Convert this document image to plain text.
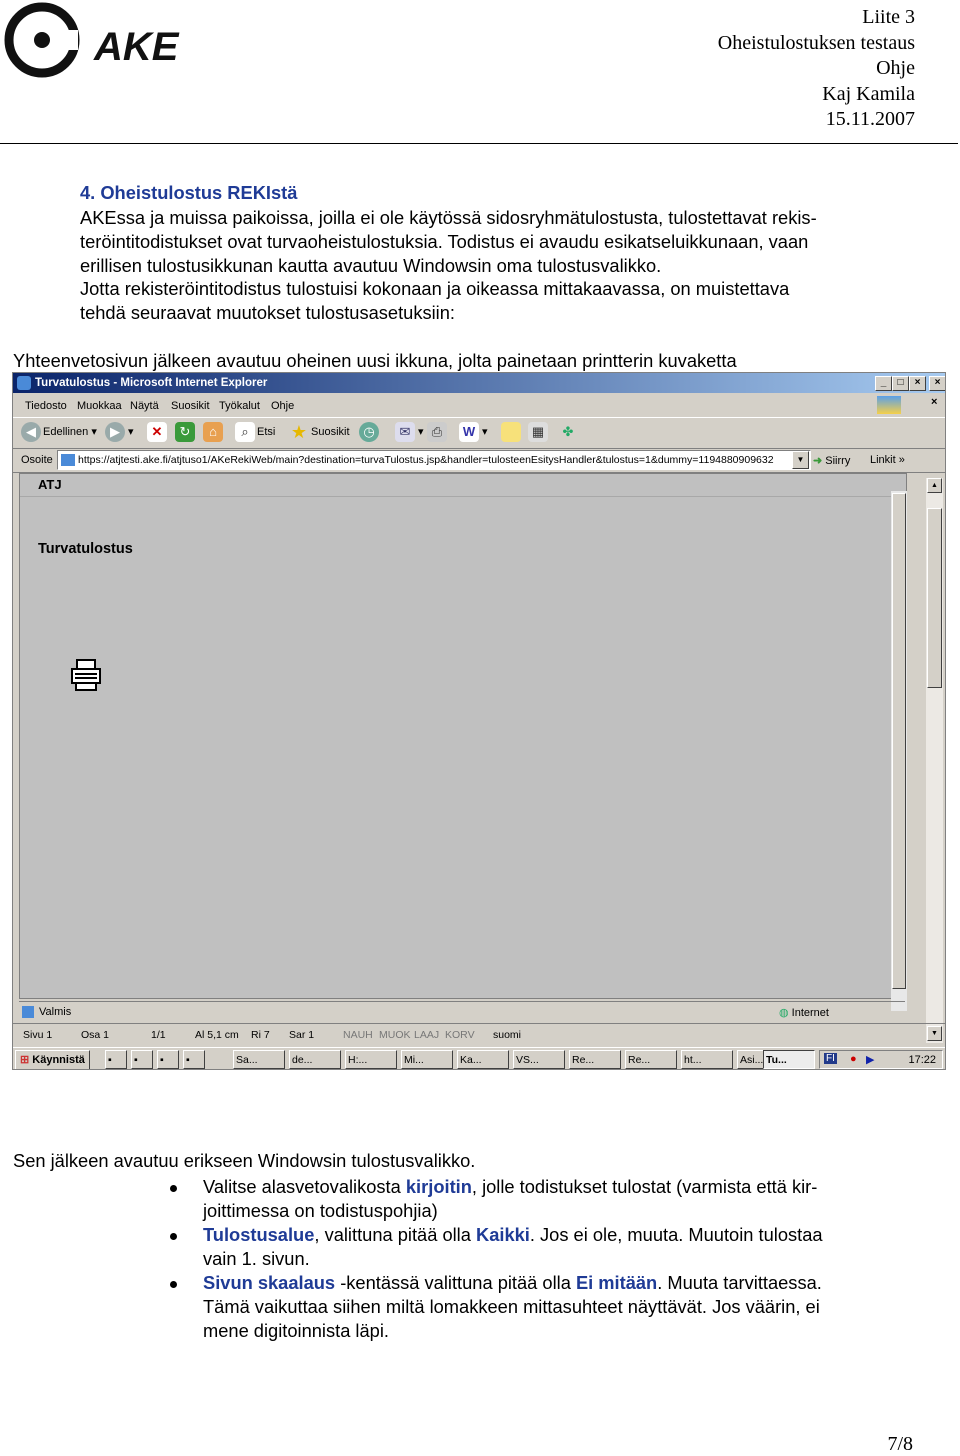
AKE
Liite 3
Oheistulostuksen testaus
Ohje
Kaj Kamila
15.11.2007
4. Oheistulostus REKIstä
AKEssa ja muissa paikoissa, joilla ei ole käytössä sidosryhmätulostusta, tulostettavat rekis-
teröintitodistukset ovat turvaoheistulostuksia. Todistus ei avaudu esikatseluikkunaan, vaan
erillisen tulostusikkunan kautta avautuu Windowsin oma tulostusvalikko.
Jotta rekisteröintitodistus tulostuisi kokonaan ja oikeassa mittakaavassa, on muistettava
tehdä seuraavat muutokset tulostusasetuksiin:
Yhteenvetosivun jälkeen avautuu oheinen uusi ikkuna, jolta painetaan printterin kuvaketta
Turvatulostus - Microsoft Internet Explorer	_	□	×	×
Tiedosto Muokkaa Näytä Suosikit Työkalut Ohje	×
◀ Edellinen ▾	▶ ▾	✕	↻	⌂	⌕ Etsi ★ Suosikit	◷	✉ ▾ ⎙	W ▾	▦	✤
Osoite	https://atjtesti.ake.fi/atjtuso1/AKeRekiWeb/main?destination=turvaTulostus.jsp&handler=tulosteenEsitysHandler&tulostus=1&dummy=1194880909632	▼ ➜ Siirry Linkit »
ATJ
Turvatulostus
▲
▼
Valmis	◍ Internet
Sivu 1	Osa 1	1/1	Al 5,1 cm Ri 7 Sar 1	NAUH MUOK LAAJ KORV suomi
⊞ Käynnistä	▪	▪	▪	▪	Sa...	de...	H:...	Mi...	Ka...	VS...	Re...	Re...	ht...	Asi...	FI ● ▶	17:22
Tu...
Sen jälkeen avautuu erikseen Windowsin tulostusvalikko.
Valitse alasvetovalikosta kirjoitin, jolle todistukset tulostat (varmista että kir-
joittimessa on todistuspohjia)
Tulostusalue, valittuna pitää olla Kaikki. Jos ei ole, muuta. Muutoin tulostaa
vain 1. sivun.
Sivun skaalaus -kentässä valittuna pitää olla Ei mitään. Muuta tarvittaessa.
Tämä vaikuttaa siihen miltä lomakkeen mittasuhteet näyttävät. Jos väärin, ei
mene digitoinnista läpi.
7/8
